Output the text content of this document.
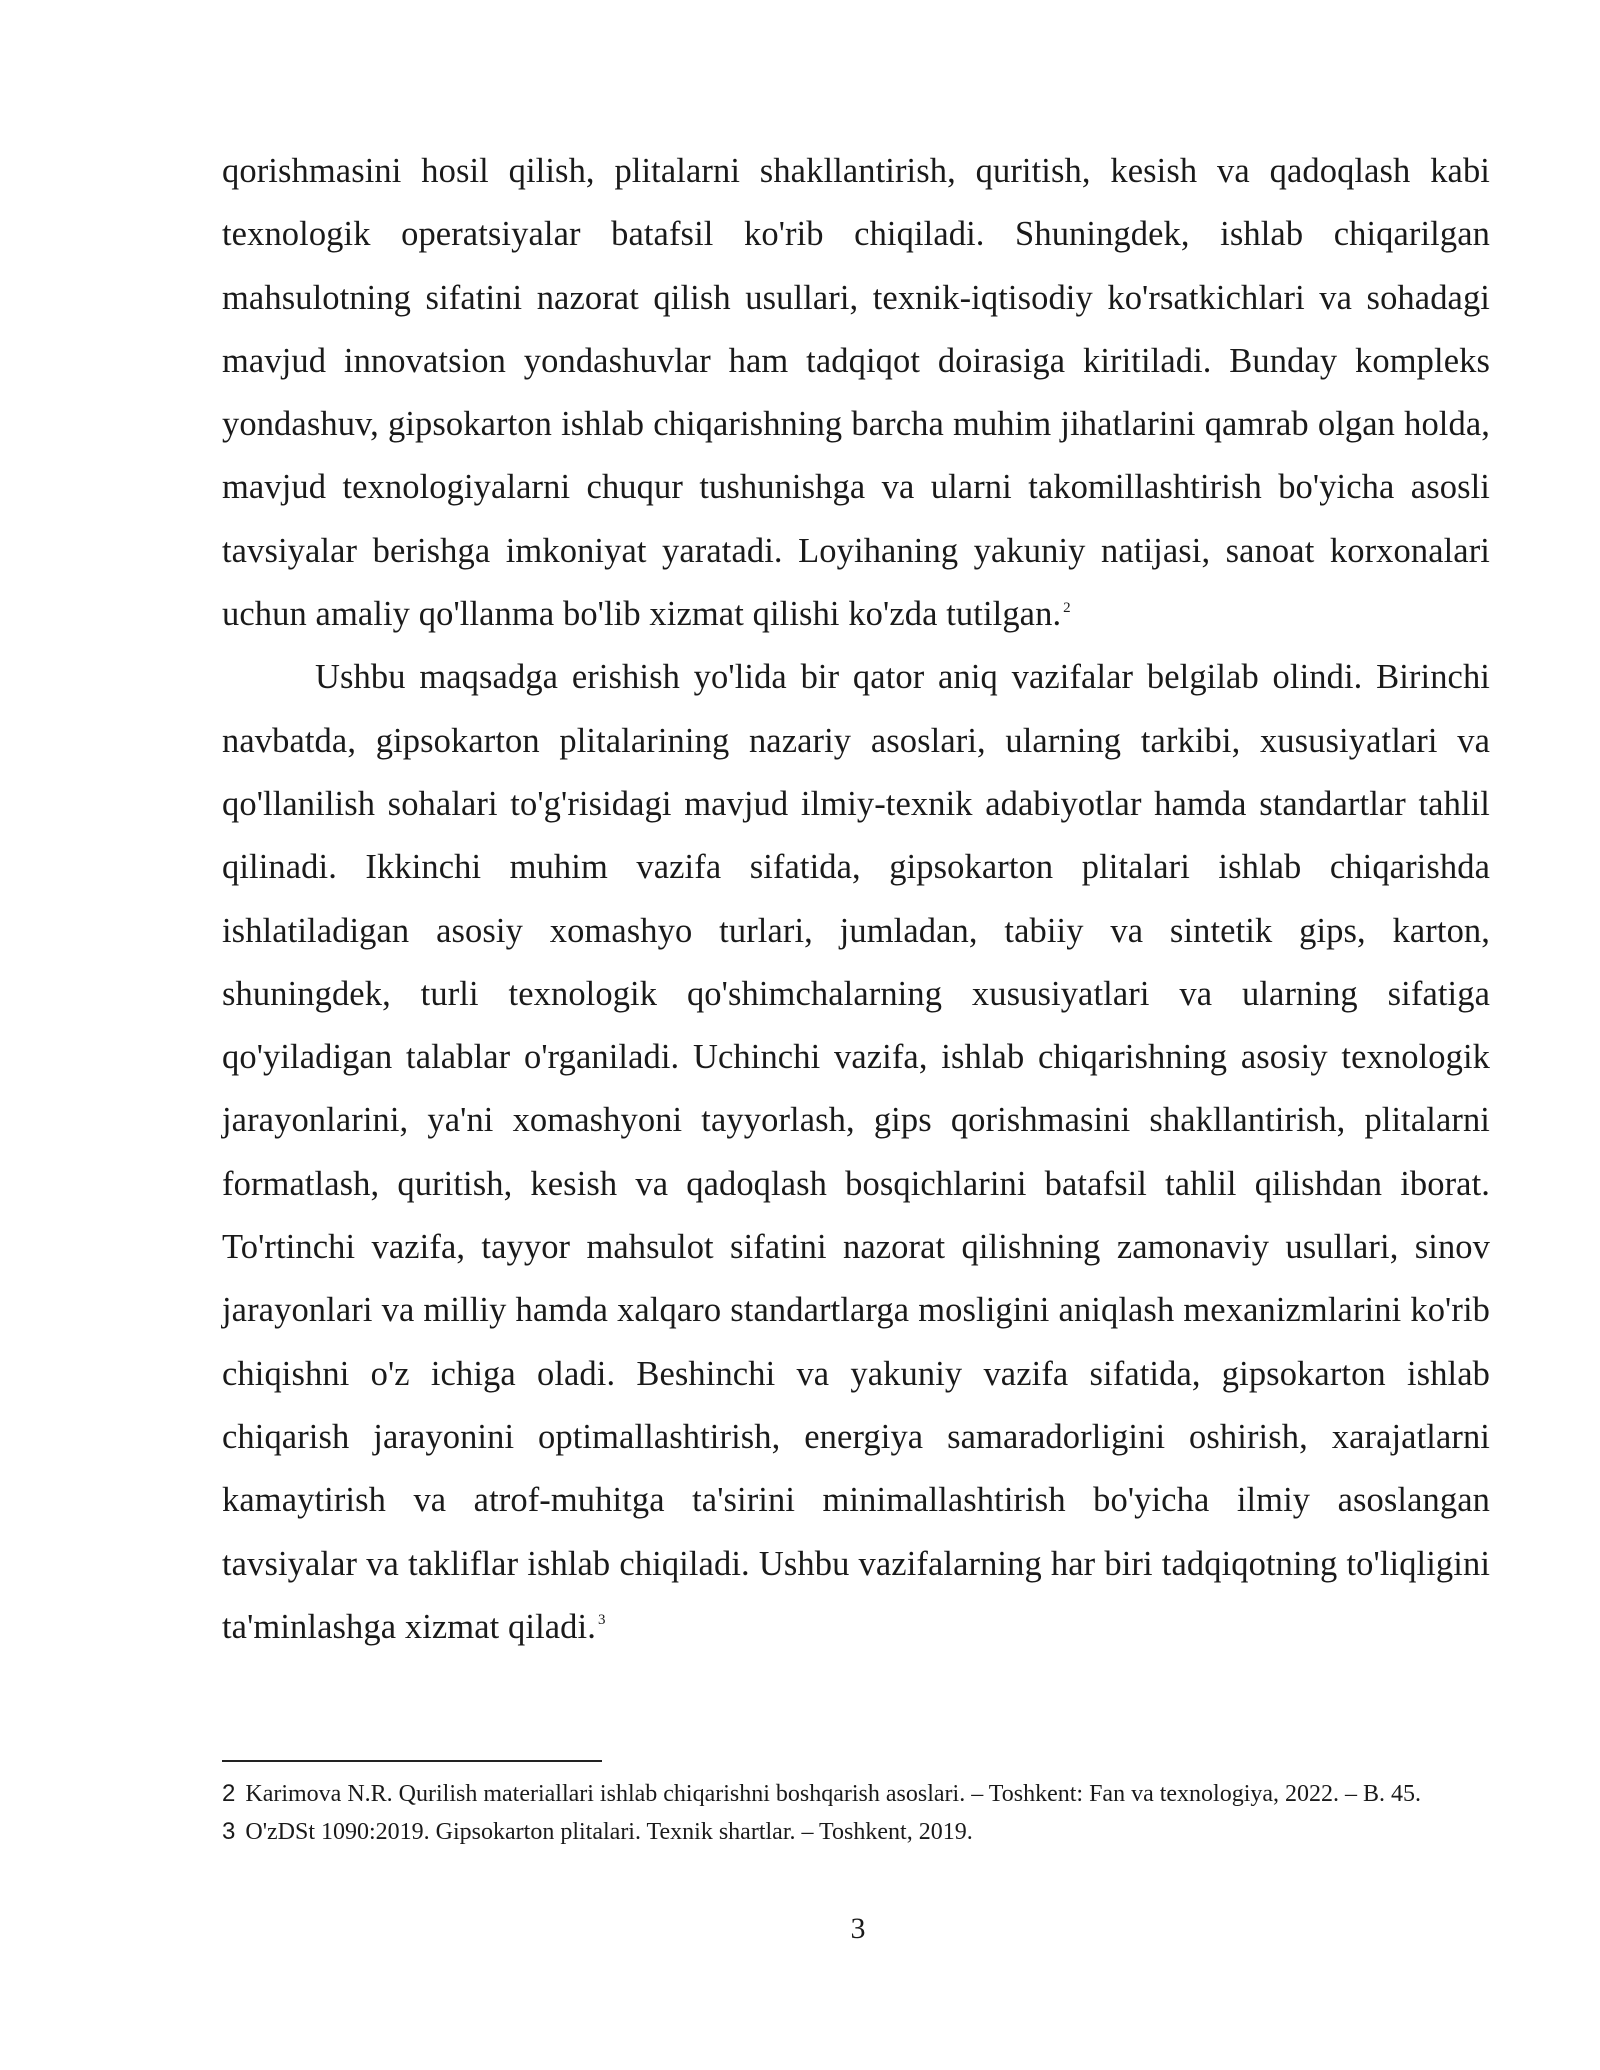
qorishmasini hosil qilish, plitalarni shakllantirish, quritish, kesish va qadoqlash kabi texnologik operatsiyalar batafsil ko'rib chiqiladi. Shuningdek, ishlab chiqarilgan mahsulotning sifatini nazorat qilish usullari, texnik-iqtisodiy ko'rsatkichlari va sohadagi mavjud innovatsion yondashuvlar ham tadqiqot doirasiga kiritiladi. Bunday kompleks yondashuv, gipsokarton ishlab chiqarishning barcha muhim jihatlarini qamrab olgan holda, mavjud texnologiyalarni chuqur tushunishga va ularni takomillashtirish bo'yicha asosli tavsiyalar berishga imkoniyat yaratadi. Loyihaning yakuniy natijasi, sanoat korxonalari uchun amaliy qo'llanma bo'lib xizmat qilishi ko'zda tutilgan. $^2$

Ushbu maqsadga erishish yo'lida bir qator aniq vazifalar belgilab olindi. Birinchi navbatda, gipsokarton plitalarining nazariy asoslari, ularning tarkibi, xususiyatlari va qo'llanilish sohalari to'g'risidagi mavjud ilmiy-texnik adabiyotlar hamda standartlar tahlil qilinadi. Ikkinchi muhim vazifa sifatida, gipsokarton plitalari ishlab chiqarishda ishlatiladigan asosiy xomashyo turlari, jumladan, tabiiy va sintetik gips, karton, shuningdek, turli texnologik qo'shimchalarning xususiyatlari va ularning sifatiga qo'yiladigan talablar o'rganiladi. Uchinchi vazifa, ishlab chiqarishning asosiy texnologik jarayonlarini, ya'ni xomashyoni tayyorlash, gips qorishmasini shakllantirish, plitalarni formatlash, quritish, kesish va qadoqlash bosqichlarini batafsil tahlil qilishdan iborat. To'rtinchi vazifa, tayyor mahsulot sifatini nazorat qilishning zamonaviy usullari, sinov jarayonlari va milliy hamda xalqaro standartlarga mosligini aniqlash mexanizmlarini ko'rib chiqishni o'z ichiga oladi. Beshinchi va yakuniy vazifa sifatida, gipsokarton ishlab chiqarish jarayonini optimallashtirish, energiya samaradorligini oshirish, xarajatlarni kamaytirish va atrof-muhitga ta'sirini minimallashtirish bo'yicha ilmiy asoslangan tavsiyalar va takliflar ishlab chiqiladi. Ushbu vazifalarning har biri tadqiqotning to'liqligini ta'minlashga xizmat qiladi. $^3$

2 Karimova N.R. Qurilish materiallari ishlab chiqarishni boshqarish asoslari. – Toshkent: Fan va texnologiya, 2022. – B. 45.

3 O'zDSt 1090:2019. Gipsokarton plitalari. Texnik shartlar. – Toshkent, 2019.

3
